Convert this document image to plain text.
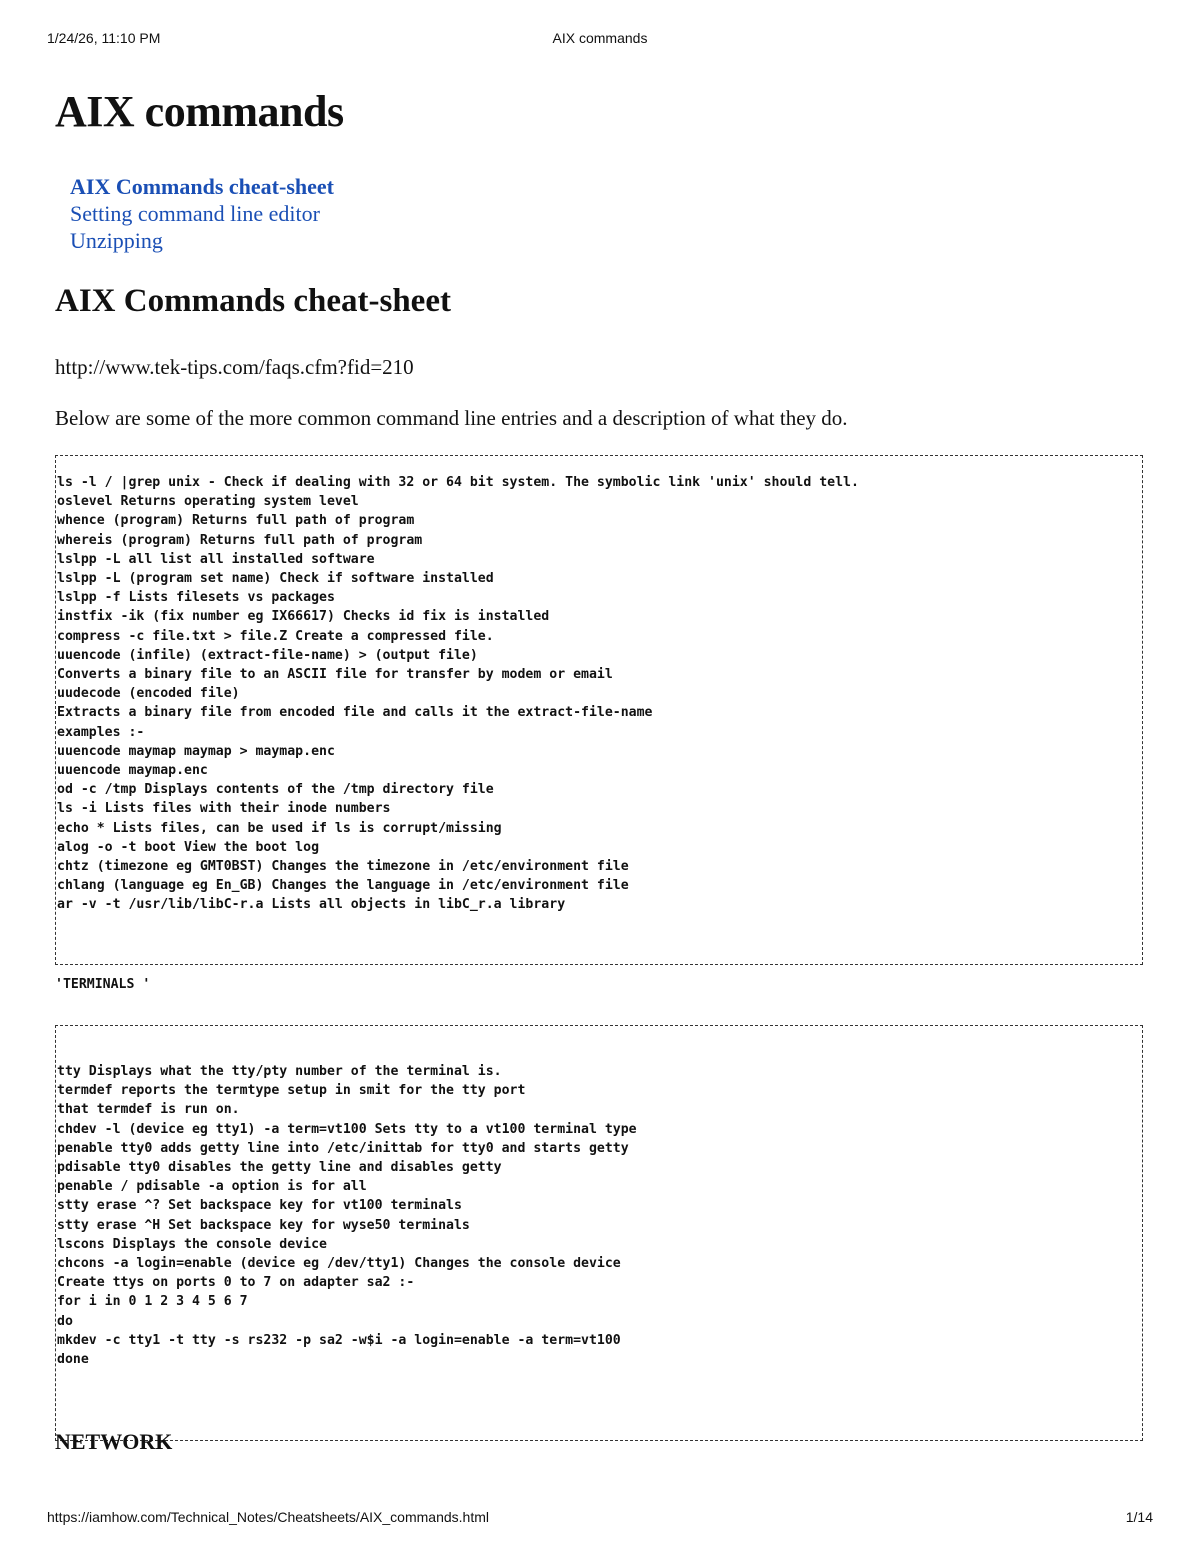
1/24/26, 11:10 PM	AIX commands
AIX commands
AIX Commands cheat-sheet
Setting command line editor
Unzipping
AIX Commands cheat-sheet

http://www.tek-tips.com/faqs.cfm?fid=210

Below are some of the more common command line entries and a description of what they do.

ls -l / |grep unix - Check if dealing with 32 or 64 bit system. The symbolic link 'unix' should tell.
oslevel Returns operating system level
whence (program) Returns full path of program
whereis (program) Returns full path of program
lslpp -L all list all installed software
lslpp -L (program set name) Check if software installed
lslpp -f Lists filesets vs packages
instfix -ik (fix number eg IX66617) Checks id fix is installed
compress -c file.txt > file.Z Create a compressed file.
uuencode (infile) (extract-file-name) > (output file)
Converts a binary file to an ASCII file for transfer by modem or email
uudecode (encoded file)
Extracts a binary file from encoded file and calls it the extract-file-name
examples :-
uuencode maymap maymap > maymap.enc
uuencode maymap.enc
od -c /tmp Displays contents of the /tmp directory file
ls -i Lists files with their inode numbers
echo * Lists files, can be used if ls is corrupt/missing
alog -o -t boot View the boot log
chtz (timezone eg GMT0BST) Changes the timezone in /etc/environment file
chlang (language eg En_GB) Changes the language in /etc/environment file
ar -v -t /usr/lib/libC-r.a Lists all objects in libC_r.a library
'TERMINALS '
tty Displays what the tty/pty number of the terminal is.
termdef reports the termtype setup in smit for the tty port
that termdef is run on.
chdev -l (device eg tty1) -a term=vt100 Sets tty to a vt100 terminal type
penable tty0 adds getty line into /etc/inittab for tty0 and starts getty
pdisable tty0 disables the getty line and disables getty
penable / pdisable -a option is for all
stty erase ^? Set backspace key for vt100 terminals
stty erase ^H Set backspace key for wyse50 terminals
lscons Displays the console device
chcons -a login=enable (device eg /dev/tty1) Changes the console device
Create ttys on ports 0 to 7 on adapter sa2 :-
for i in 0 1 2 3 4 5 6 7
do
mkdev -c tty1 -t tty -s rs232 -p sa2 -w$i -a login=enable -a term=vt100
done
NETWORK
https://iamhow.com/Technical_Notes/Cheatsheets/AIX_commands.html	1/14
